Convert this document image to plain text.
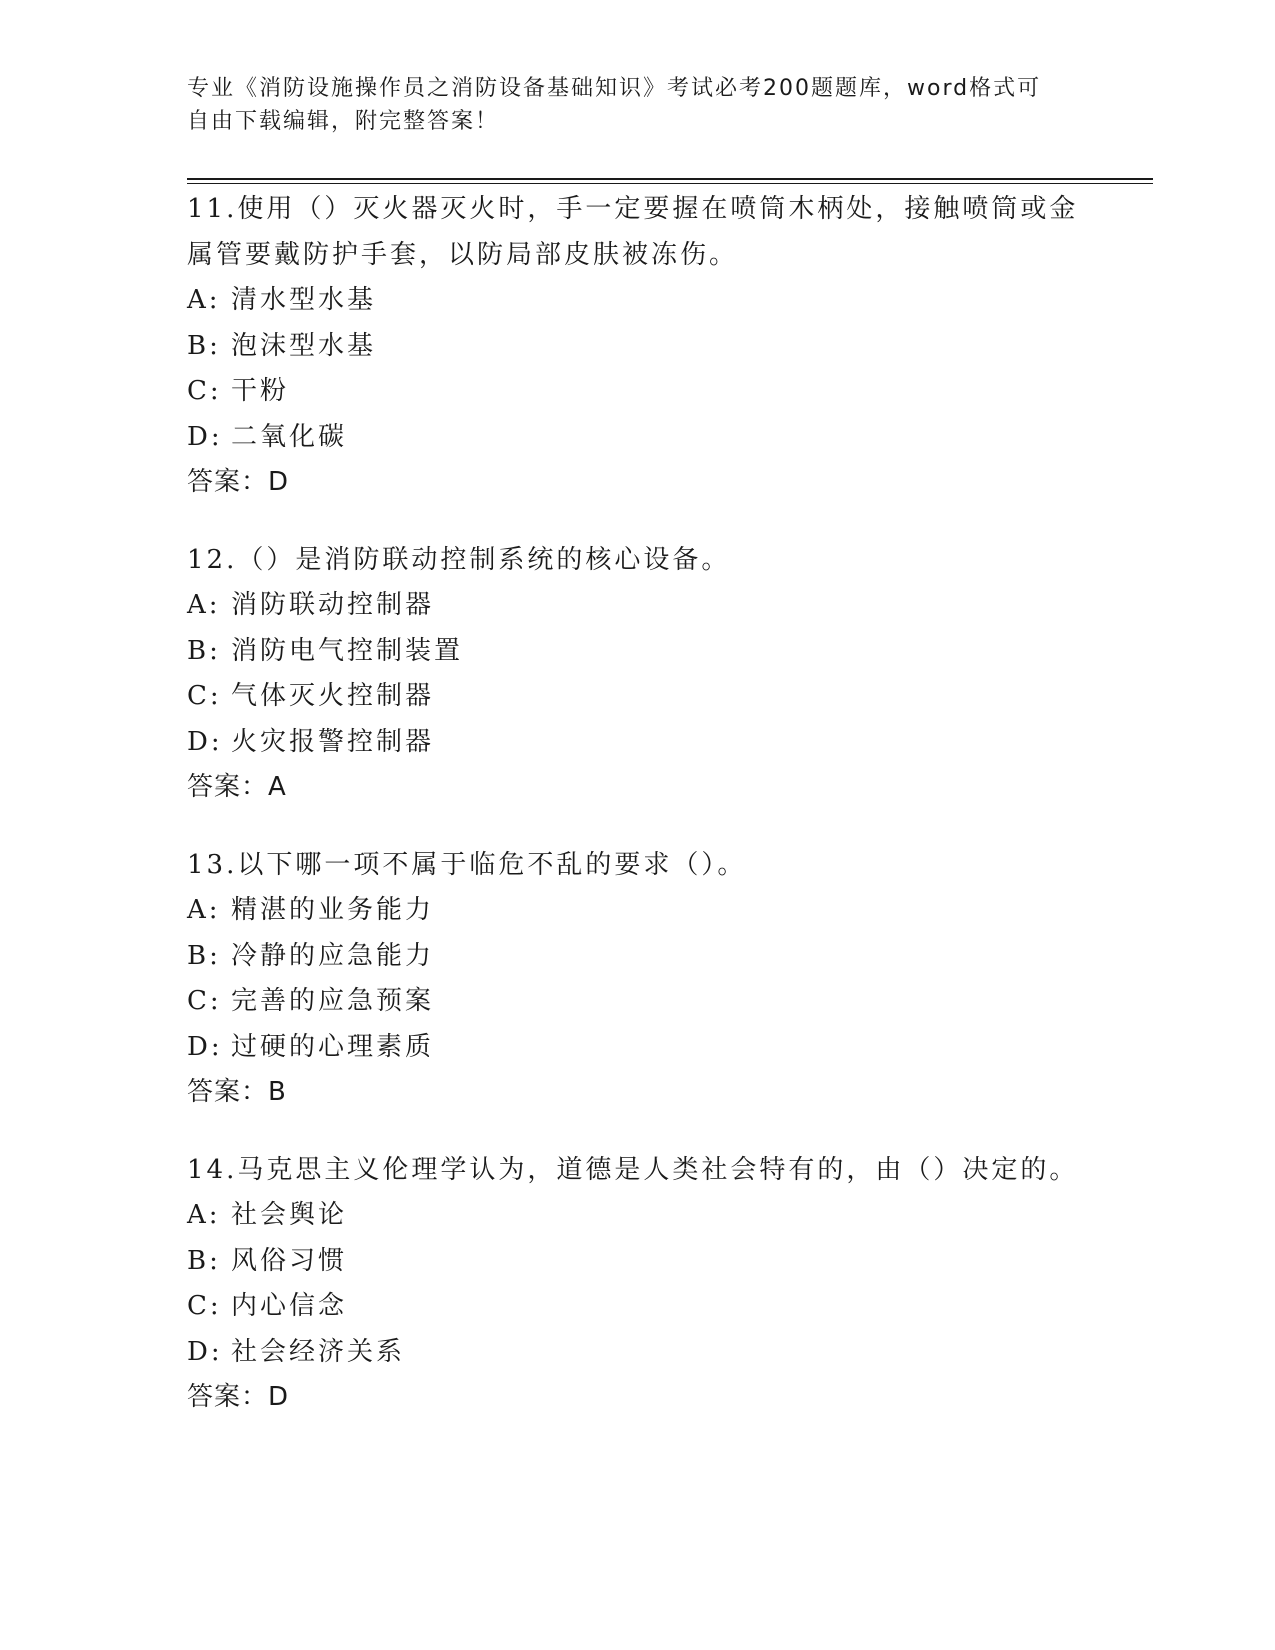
专业《消防设施操作员之消防设备基础知识》考试必考200题题库，word格式可
自由下载编辑，附完整答案！

11.使用（）灭火器灭火时，手一定要握在喷筒木柄处，接触喷筒或金属管要戴防护手套，以防局部皮肤被冻伤。

A: 清水型水基

B: 泡沫型水基

C: 干粉

D: 二氧化碳

答案：D

12.（）是消防联动控制系统的核心设备。

A: 消防联动控制器

B: 消防电气控制装置

C: 气体灭火控制器

D: 火灾报警控制器

答案：A

13.以下哪一项不属于临危不乱的要求（）。

A: 精湛的业务能力

B: 冷静的应急能力

C: 完善的应急预案

D: 过硬的心理素质

答案：B

14.马克思主义伦理学认为，道德是人类社会特有的，由（）决定的。

A: 社会舆论

B: 风俗习惯

C: 内心信念

D: 社会经济关系

答案：D
